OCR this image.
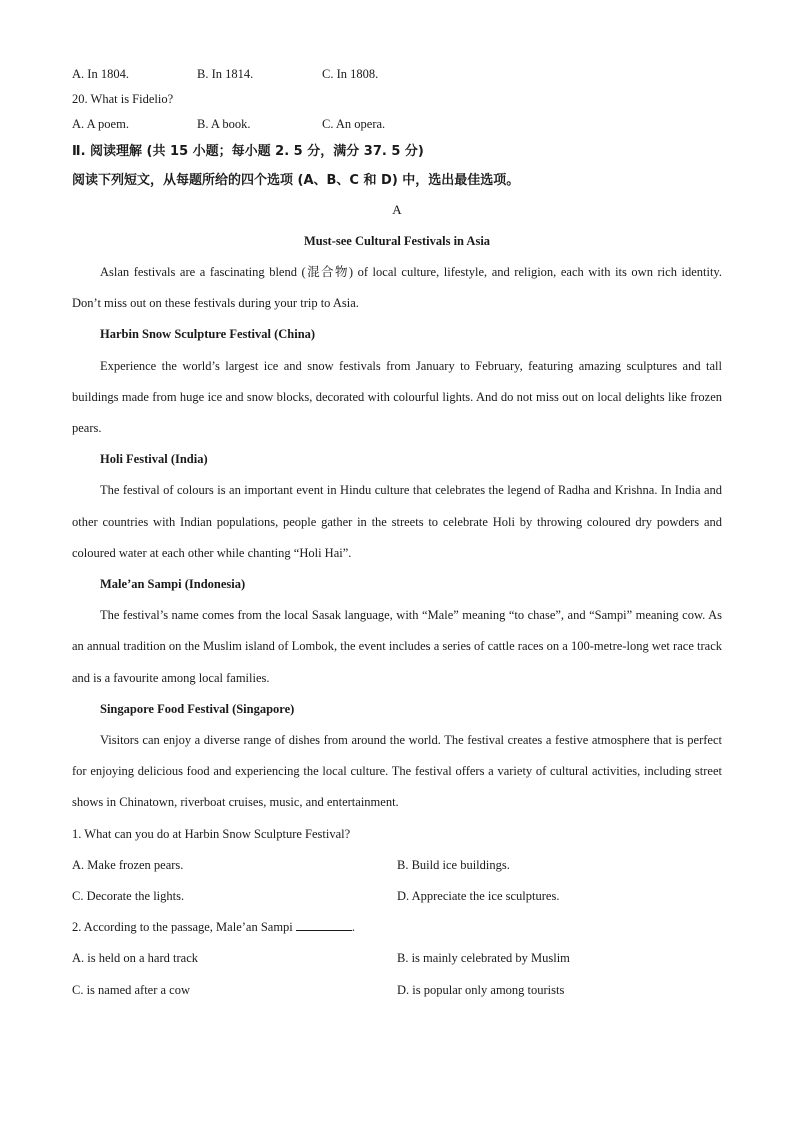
A. In 1804.	B. In 1814.	C. In 1808.
20. What is Fidelio?
A. A poem.	B. A book.	C. An opera.
Ⅱ. 阅读理解 (共 15 小题；每小题 2. 5 分，满分 37. 5 分)
阅读下列短文，从每题所给的四个选项 (A、B、C 和 D) 中，选出最佳选项。
A
Must-see Cultural Festivals in Asia
Aslan festivals are a fascinating blend (混合物) of local culture, lifestyle, and religion, each with its own rich identity. Don’t miss out on these festivals during your trip to Asia.
Harbin Snow Sculpture Festival (China)
Experience the world’s largest ice and snow festivals from January to February, featuring amazing sculptures and tall buildings made from huge ice and snow blocks, decorated with colourful lights. And do not miss out on local delights like frozen pears.
Holi Festival (India)
The festival of colours is an important event in Hindu culture that celebrates the legend of Radha and Krishna. In India and other countries with Indian populations, people gather in the streets to celebrate Holi by throwing coloured dry powders and coloured water at each other while chanting “Holi Hai”.
Male’an Sampi (Indonesia)
The festival’s name comes from the local Sasak language, with “Male” meaning “to chase”, and “Sampi” meaning cow. As an annual tradition on the Muslim island of Lombok, the event includes a series of cattle races on a 100-metre-long wet race track and is a favourite among local families.
Singapore Food Festival (Singapore)
Visitors can enjoy a diverse range of dishes from around the world. The festival creates a festive atmosphere that is perfect for enjoying delicious food and experiencing the local culture. The festival offers a variety of cultural activities, including street shows in Chinatown, riverboat cruises, music, and entertainment.
1. What can you do at Harbin Snow Sculpture Festival?
A. Make frozen pears.	B. Build ice buildings.
C. Decorate the lights.	D. Appreciate the ice sculptures.
2. According to the passage, Male’an Sampi	.
A. is held on a hard track	B. is mainly celebrated by Muslim
C. is named after a cow	D. is popular only among tourists
